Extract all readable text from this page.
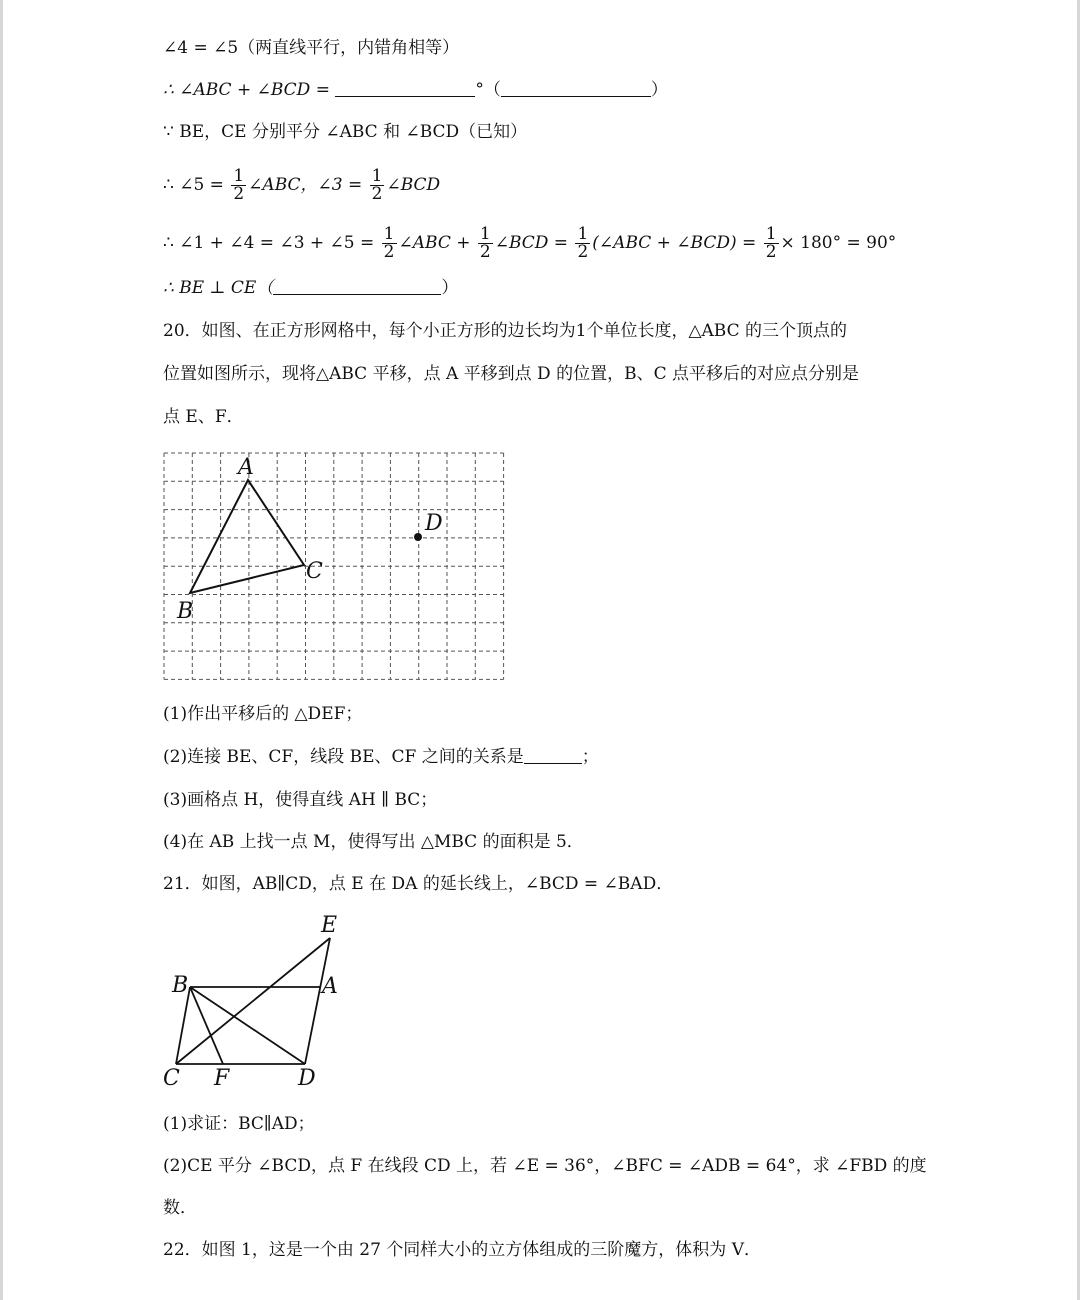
∠4 = ∠5（两直线平行，内错角相等）
∴ ∠ABC + ∠BCD =	°（	）
∵ BE，CE 分别平分 ∠ABC 和 ∠BCD（已知）
∴ ∠5 = $\frac{1}{2}$ ∠ABC，∠3 = $\frac{1}{2}$ ∠BCD
∴ ∠1 + ∠4 = ∠3 + ∠5 = $\frac{1}{2}$ ∠ABC + $\frac{1}{2}$ ∠BCD = $\frac{1}{2}$ (∠ABC + ∠BCD) = $\frac{1}{2} \times 180^\circ = 90^\circ$
∴ BE ⊥ CE（	）
20．如图、在正方形网格中，每个小正方形的边长均为1个单位长度，△ABC 的三个顶点的
位置如图所示，现将△ABC 平移，点 A 平移到点 D 的位置，B、C 点平移后的对应点分别是
点 E、F．
A
B
C
D
(1)作出平移后的 △DEF；
(2)连接 BE、CF，线段 BE、CF 之间的关系是	；
(3)画格点 H，使得直线 AH ∥ BC；
(4)在 AB 上找一点 M，使得写出 △MBC 的面积是 5．
21．如图，AB∥CD，点 E 在 DA 的延长线上，∠BCD = ∠BAD．
E
B	A
C F	D
(1)求证：BC∥AD；
(2)CE 平分 ∠BCD，点 F 在线段 CD 上，若 ∠E = 36°，∠BFC = ∠ADB = 64°，求 ∠FBD 的度
数．
22．如图 1，这是一个由 27 个同样大小的立方体组成的三阶魔方，体积为 V．
